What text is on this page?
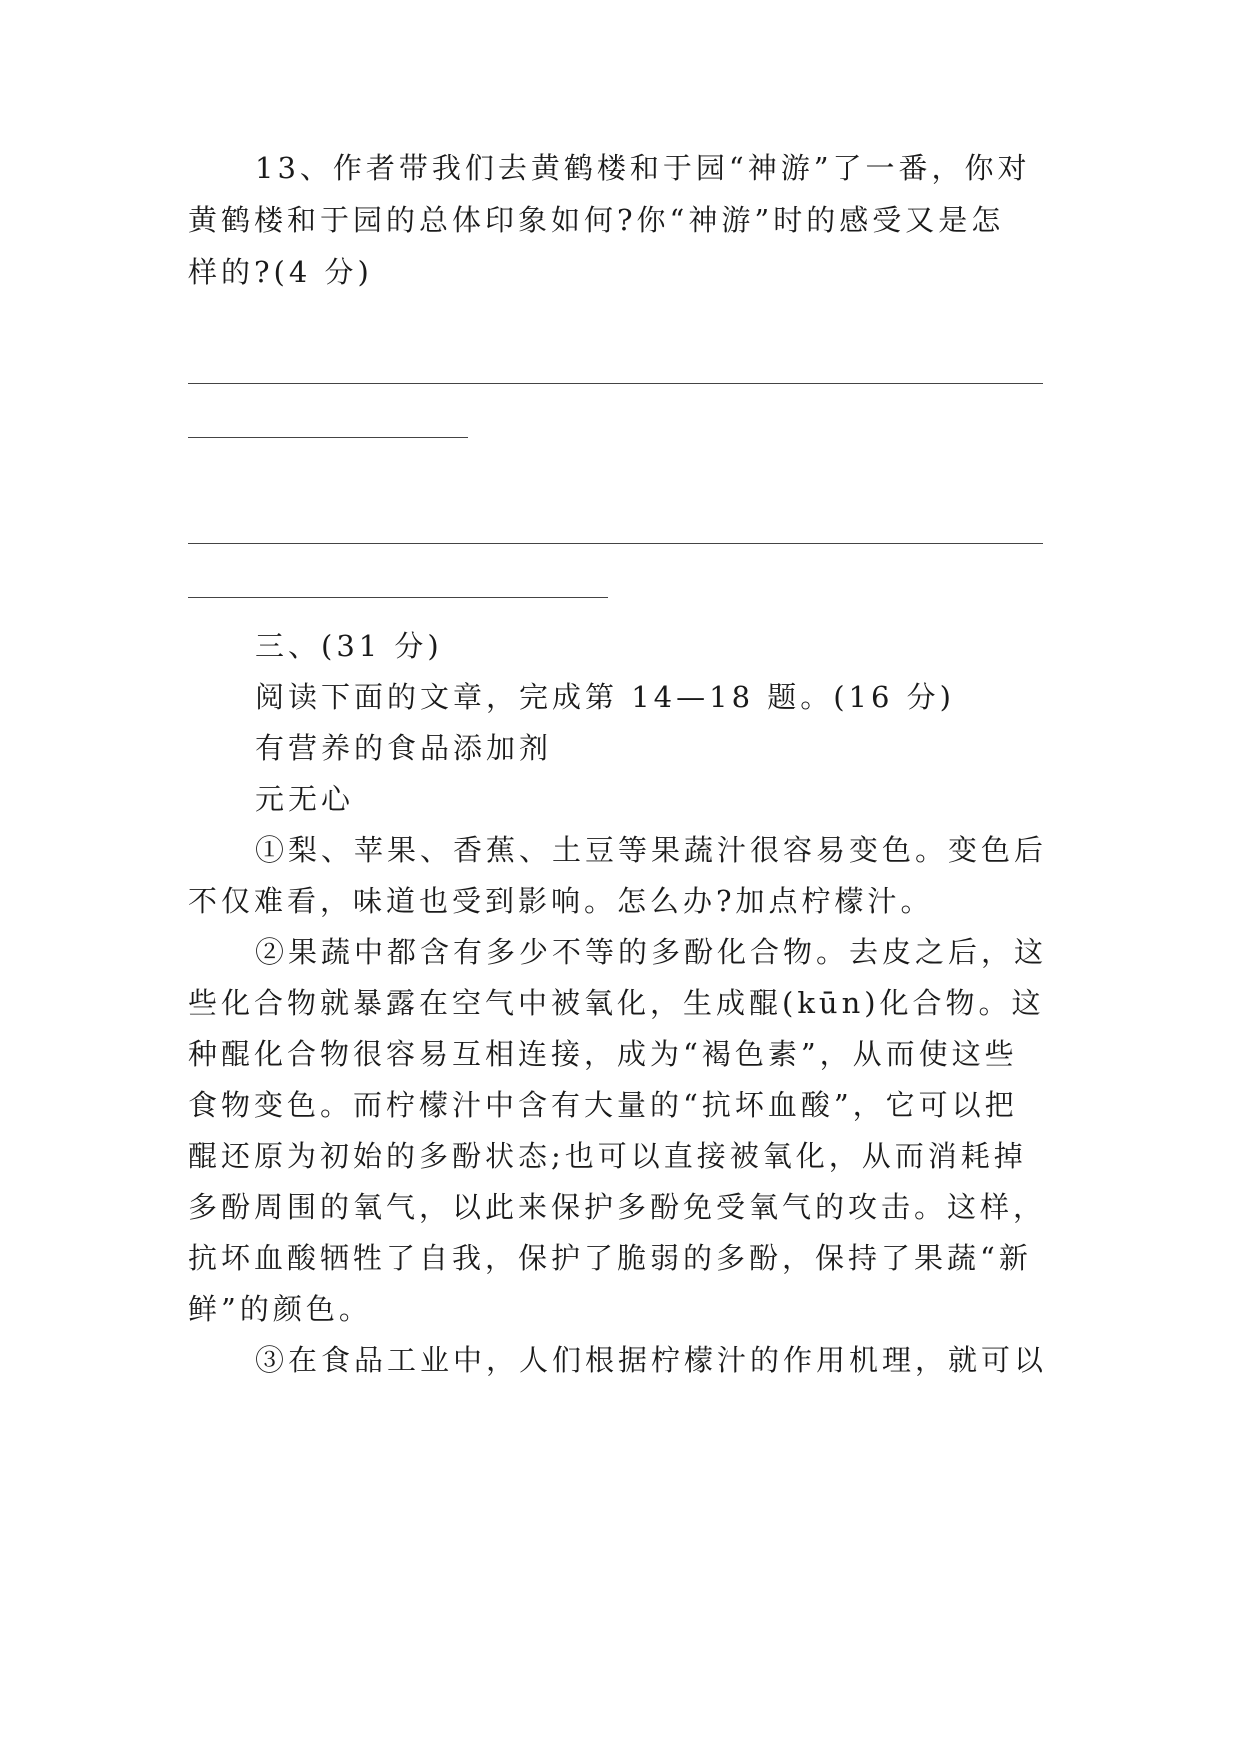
13、作者带我们去黄鹤楼和于园“神游”了一番，你对
黄鹤楼和于园的总体印象如何?你“神游”时的感受又是怎
样的?(4 分)
三、(31 分)
阅读下面的文章，完成第 14—18 题。(16 分)
有营养的食品添加剂
元无心
①梨、苹果、香蕉、土豆等果蔬汁很容易变色。变色后
不仅难看，味道也受到影响。怎么办?加点柠檬汁。
②果蔬中都含有多少不等的多酚化合物。去皮之后，这
些化合物就暴露在空气中被氧化，生成醌(kūn)化合物。这
种醌化合物很容易互相连接，成为“褐色素”，从而使这些
食物变色。而柠檬汁中含有大量的“抗坏血酸”，它可以把
醌还原为初始的多酚状态;也可以直接被氧化，从而消耗掉
多酚周围的氧气，以此来保护多酚免受氧气的攻击。这样，
抗坏血酸牺牲了自我，保护了脆弱的多酚，保持了果蔬“新
鲜”的颜色。
③在食品工业中，人们根据柠檬汁的作用机理，就可以
